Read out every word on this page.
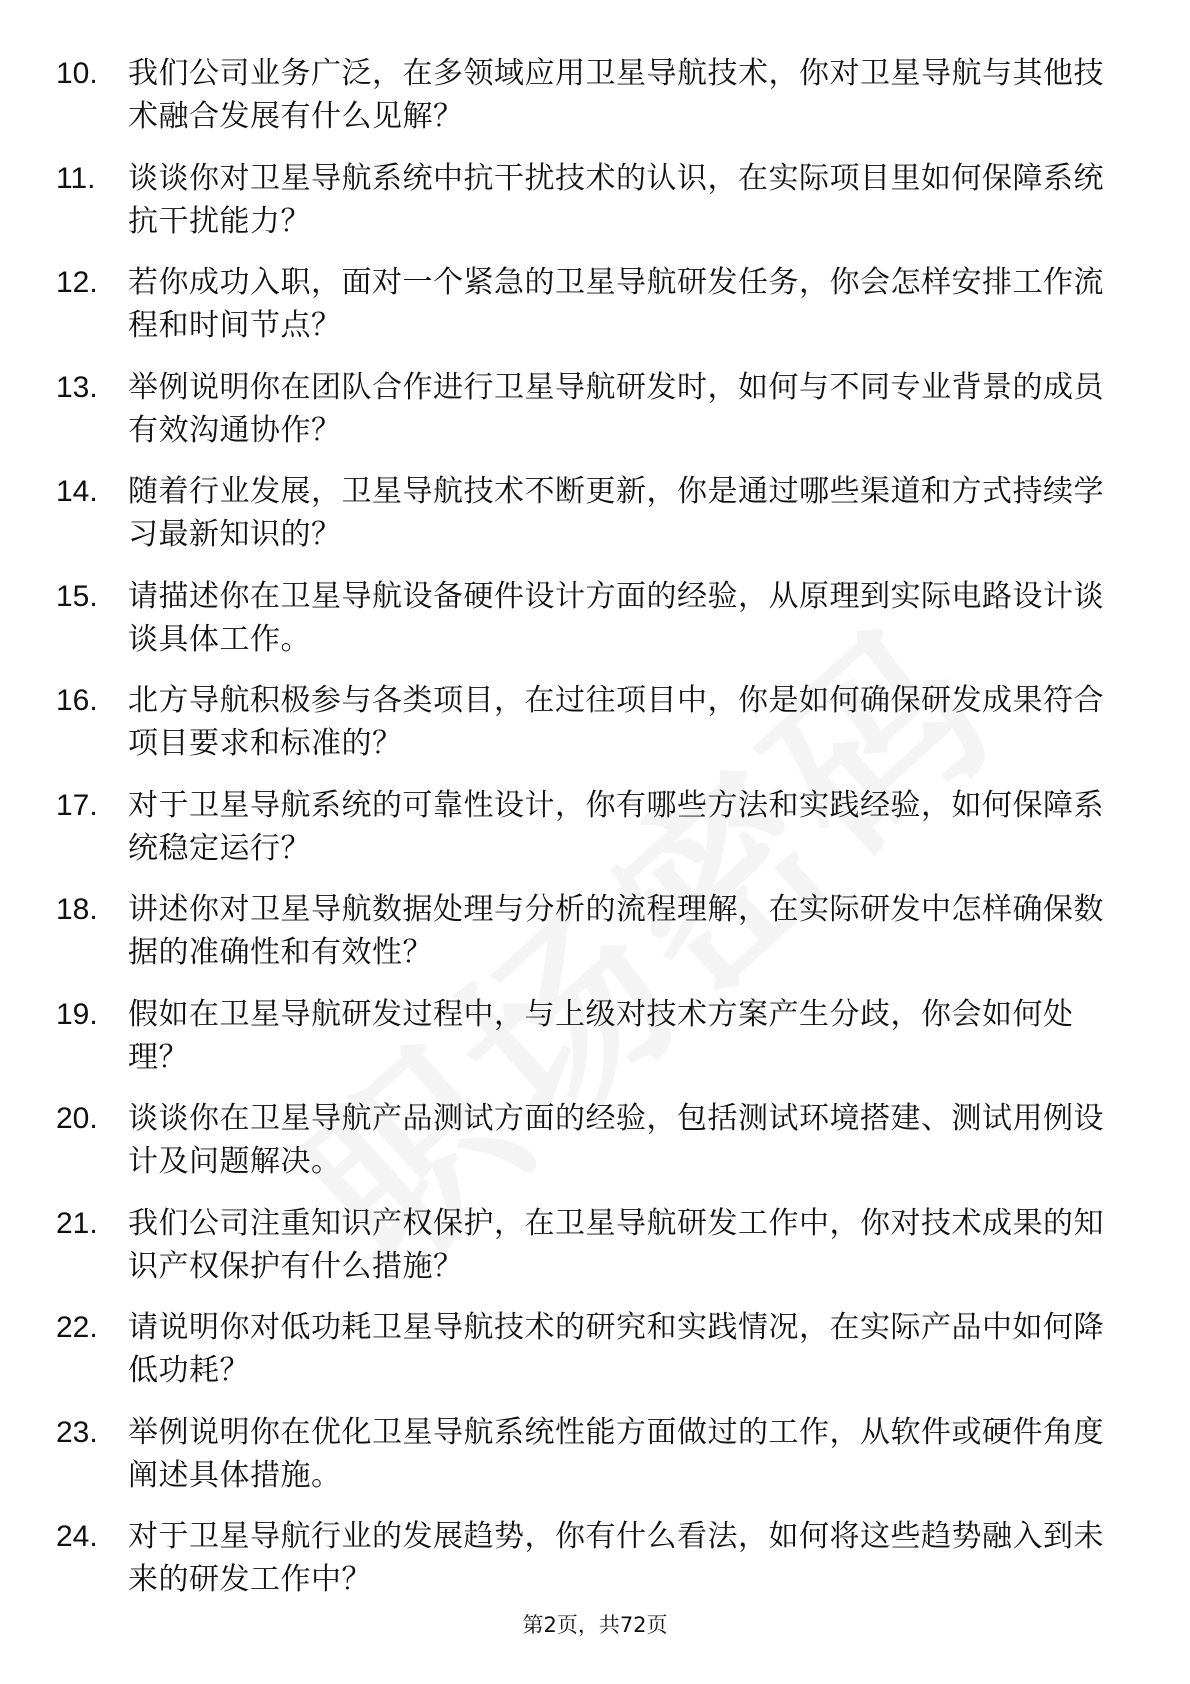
10.	我们公司业务广泛，在多领域应用卫星导航技术，你对卫星导航与其他技术融合发展有什么见解？
11.	谈谈你对卫星导航系统中抗干扰技术的认识，在实际项目里如何保障系统抗干扰能力？
12.	若你成功入职，面对一个紧急的卫星导航研发任务，你会怎样安排工作流程和时间节点？
13.	举例说明你在团队合作进行卫星导航研发时，如何与不同专业背景的成员有效沟通协作？
14.	随着行业发展，卫星导航技术不断更新，你是通过哪些渠道和方式持续学习最新知识的？
15.	请描述你在卫星导航设备硬件设计方面的经验，从原理到实际电路设计谈谈具体工作。
16.	北方导航积极参与各类项目，在过往项目中，你是如何确保研发成果符合项目要求和标准的？
17.	对于卫星导航系统的可靠性设计，你有哪些方法和实践经验，如何保障系统稳定运行？
18.	讲述你对卫星导航数据处理与分析的流程理解，在实际研发中怎样确保数据的准确性和有效性？
19.	假如在卫星导航研发过程中，与上级对技术方案产生分歧，你会如何处理？
20.	谈谈你在卫星导航产品测试方面的经验，包括测试环境搭建、测试用例设计及问题解决。
21.	我们公司注重知识产权保护，在卫星导航研发工作中，你对技术成果的知识产权保护有什么措施？
22.	请说明你对低功耗卫星导航技术的研究和实践情况，在实际产品中如何降低功耗？
23.	举例说明你在优化卫星导航系统性能方面做过的工作，从软件或硬件角度阐述具体措施。
24.	对于卫星导航行业的发展趋势，你有什么看法，如何将这些趋势融入到未来的研发工作中？
第2页，共72页
